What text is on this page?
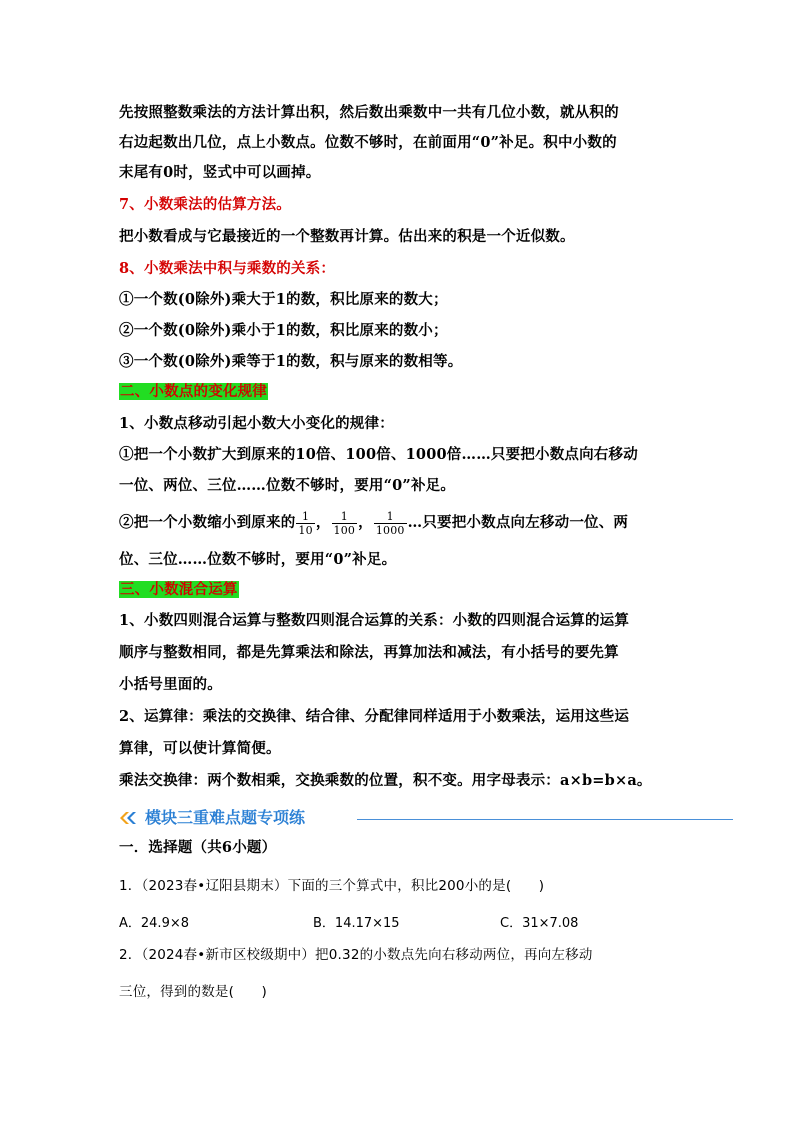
先按照整数乘法的方法计算出积，然后数出乘数中一共有几位小数，就从积的
右边起数出几位，点上小数点。位数不够时，在前面用“0”补足。积中小数的
末尾有0时，竖式中可以画掉。
7、小数乘法的估算方法。
把小数看成与它最接近的一个整数再计算。估出来的积是一个近似数。
8、小数乘法中积与乘数的关系：
①一个数(0除外)乘大于1的数，积比原来的数大；
②一个数(0除外)乘小于1的数，积比原来的数小；
③一个数(0除外)乘等于1的数，积与原来的数相等。
二、小数点的变化规律
1、小数点移动引起小数大小变化的规律：
①把一个小数扩大到原来的10倍、100倍、1000倍……只要把小数点向右移动
一位、两位、三位……位数不够时，要用“0”补足。
②把一个小数缩小到原来的 $\frac{1}{10}$ ， $\frac{1}{100}$ ， $\frac{1}{1000}$ …只要把小数点向左移动一位、两
位、三位……位数不够时，要用“0”补足。
三、小数混合运算
1、小数四则混合运算与整数四则混合运算的关系：小数的四则混合运算的运算
顺序与整数相同，都是先算乘法和除法，再算加法和减法，有小括号的要先算
小括号里面的。
2、运算律：乘法的交换律、结合律、分配律同样适用于小数乘法，运用这些运
算律，可以使计算简便。
乘法交换律：两个数相乘，交换乘数的位置，积不变。用字母表示：a×b=b×a。
模块三重难点题专项练
一．选择题（共6小题）
1．（2023春•辽阳县期末）下面的三个算式中，积比200小的是(　　)
A．24.9×8	B．14.17×15	C．31×7.08
2．（2024春•新市区校级期中）把0.32的小数点先向右移动两位，再向左移动
三位，得到的数是(　　)
